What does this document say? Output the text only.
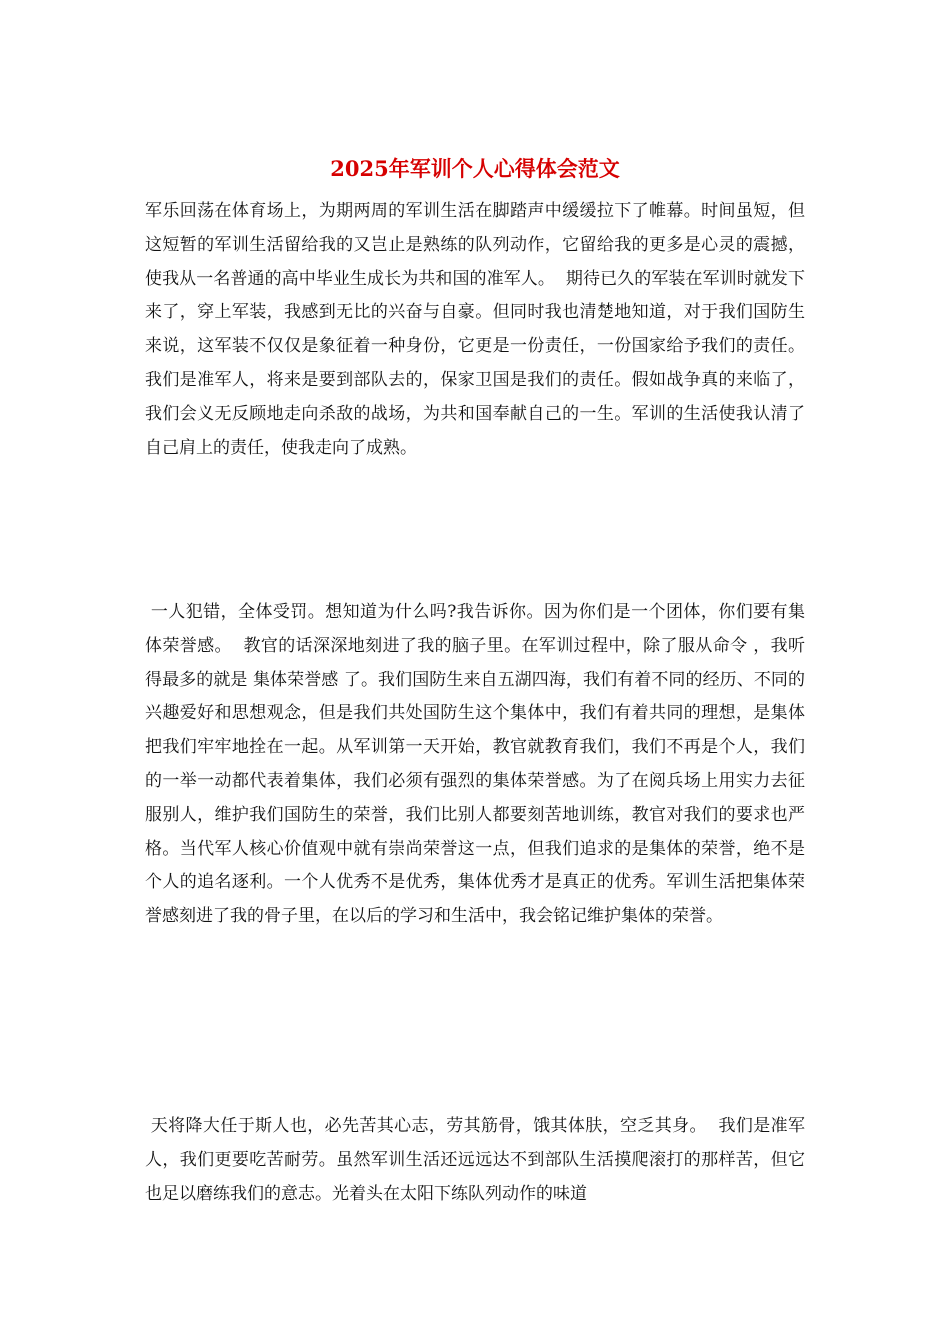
2025年军训个人心得体会范文

军乐回荡在体育场上，为期两周的军训生活在脚踏声中缓缓拉下了帷幕。时间虽短，但这短暂的军训生活留给我的又岂止是熟练的队列动作，它留给我的更多是心灵的震撼，使我从一名普通的高中毕业生成长为共和国的准军人。  期待已久的军装在军训时就发下来了，穿上军装，我感到无比的兴奋与自豪。但同时我也清楚地知道，对于我们国防生来说，这军装不仅仅是象征着一种身份，它更是一份责任，一份国家给予我们的责任。我们是准军人，将来是要到部队去的，保家卫国是我们的责任。假如战争真的来临了，我们会义无反顾地走向杀敌的战场，为共和国奉献自己的一生。军训的生活使我认清了自己肩上的责任，使我走向了成熟。

一人犯错，全体受罚。想知道为什么吗?我告诉你。因为你们是一个团体，你们要有集体荣誉感。  教官的话深深地刻进了我的脑子里。在军训过程中，除了服从命令 ，我听得最多的就是 集体荣誉感 了。我们国防生来自五湖四海，我们有着不同的经历、不同的兴趣爱好和思想观念，但是我们共处国防生这个集体中，我们有着共同的理想，是集体把我们牢牢地拴在一起。从军训第一天开始，教官就教育我们，我们不再是个人，我们的一举一动都代表着集体，我们必须有强烈的集体荣誉感。为了在阅兵场上用实力去征服别人，维护我们国防生的荣誉，我们比别人都要刻苦地训练，教官对我们的要求也严格。当代军人核心价值观中就有崇尚荣誉这一点，但我们追求的是集体的荣誉，绝不是个人的追名逐利。一个人优秀不是优秀，集体优秀才是真正的优秀。军训生活把集体荣誉感刻进了我的骨子里，在以后的学习和生活中，我会铭记维护集体的荣誉。

天将降大任于斯人也，必先苦其心志，劳其筋骨，饿其体肤，空乏其身。  我们是准军人，我们更要吃苦耐劳。虽然军训生活还远远达不到部队生活摸爬滚打的那样苦，但它也足以磨练我们的意志。光着头在太阳下练队列动作的味道
